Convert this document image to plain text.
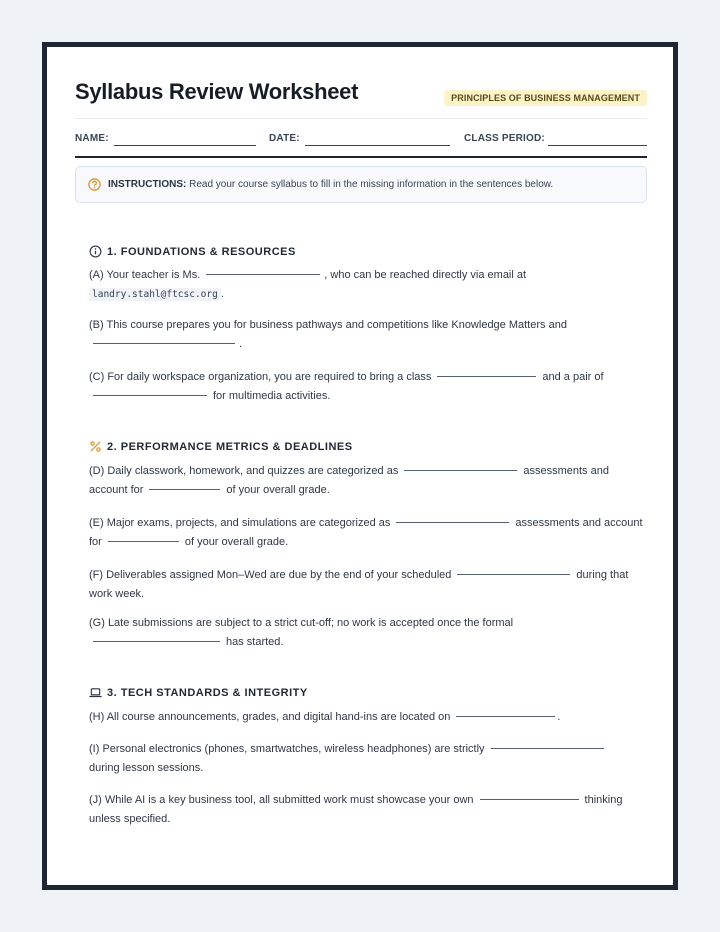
Syllabus Review Worksheet	PRINCIPLES OF BUSINESS MANAGEMENT
NAME:	DATE:	CLASS PERIOD:
INSTRUCTIONS: Read your course syllabus to fill in the missing information in the sentences below.
1. FOUNDATIONS & RESOURCES
(A) Your teacher is Ms.	, who can be reached directly via email at
landry.stahl@ftcsc.org .
(B) This course prepares you for business pathways and competitions like Knowledge Matters and
.
(C) For daily workspace organization, you are required to bring a class	and a pair of
for multimedia activities.
2. PERFORMANCE METRICS & DEADLINES
(D) Daily classwork, homework, and quizzes are categorized as	assessments and account for	of your overall grade.
(E) Major exams, projects, and simulations are categorized as	assessments and account for	of your overall grade.
(F) Deliverables assigned Mon–Wed are due by the end of your scheduled	during that work week.
(G) Late submissions are subject to a strict cut-off; no work is accepted once the formal
has started.
3. TECH STANDARDS & INTEGRITY
(H) All course announcements, grades, and digital hand-ins are located on	.
(I) Personal electronics (phones, smartwatches, wireless headphones) are strictly
during lesson sessions.
(J) While AI is a key business tool, all submitted work must showcase your own	thinking unless specified.
